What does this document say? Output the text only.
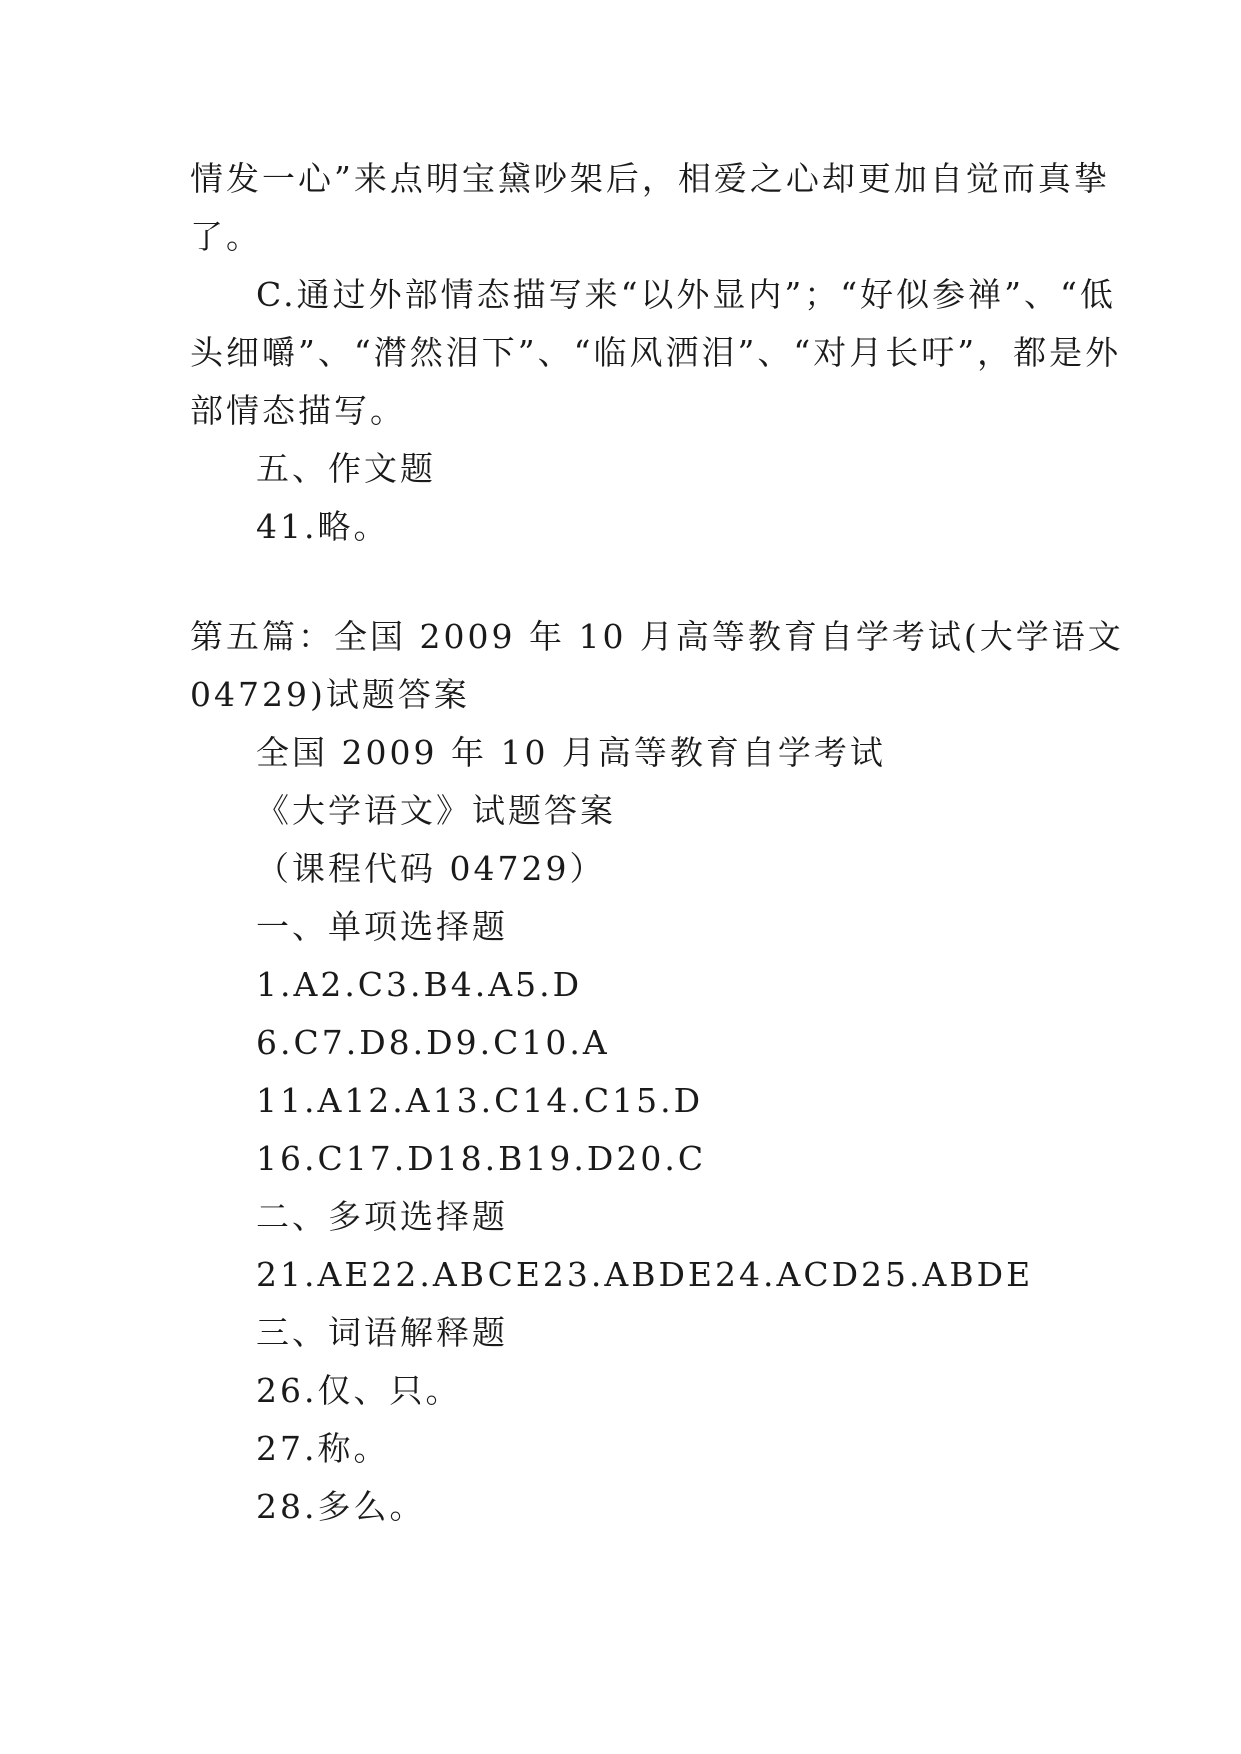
情发一心”来点明宝黛吵架后，相爱之心却更加自觉而真挚
了。
C.通过外部情态描写来“以外显内”；“好似参禅”、“低
头细嚼”、“潸然泪下”、“临风洒泪”、“对月长吁”，都是外
部情态描写。
五、作文题
41.略。
第五篇：全国 2009 年 10 月高等教育自学考试(大学语文
04729)试题答案
全国 2009 年 10 月高等教育自学考试
《大学语文》试题答案
（课程代码 04729）
一、单项选择题
1.A2.C3.B4.A5.D
6.C7.D8.D9.C10.A
11.A12.A13.C14.C15.D
16.C17.D18.B19.D20.C
二、多项选择题
21.AE22.ABCE23.ABDE24.ACD25.ABDE
三、词语解释题
26.仅、只。
27.称。
28.多么。
